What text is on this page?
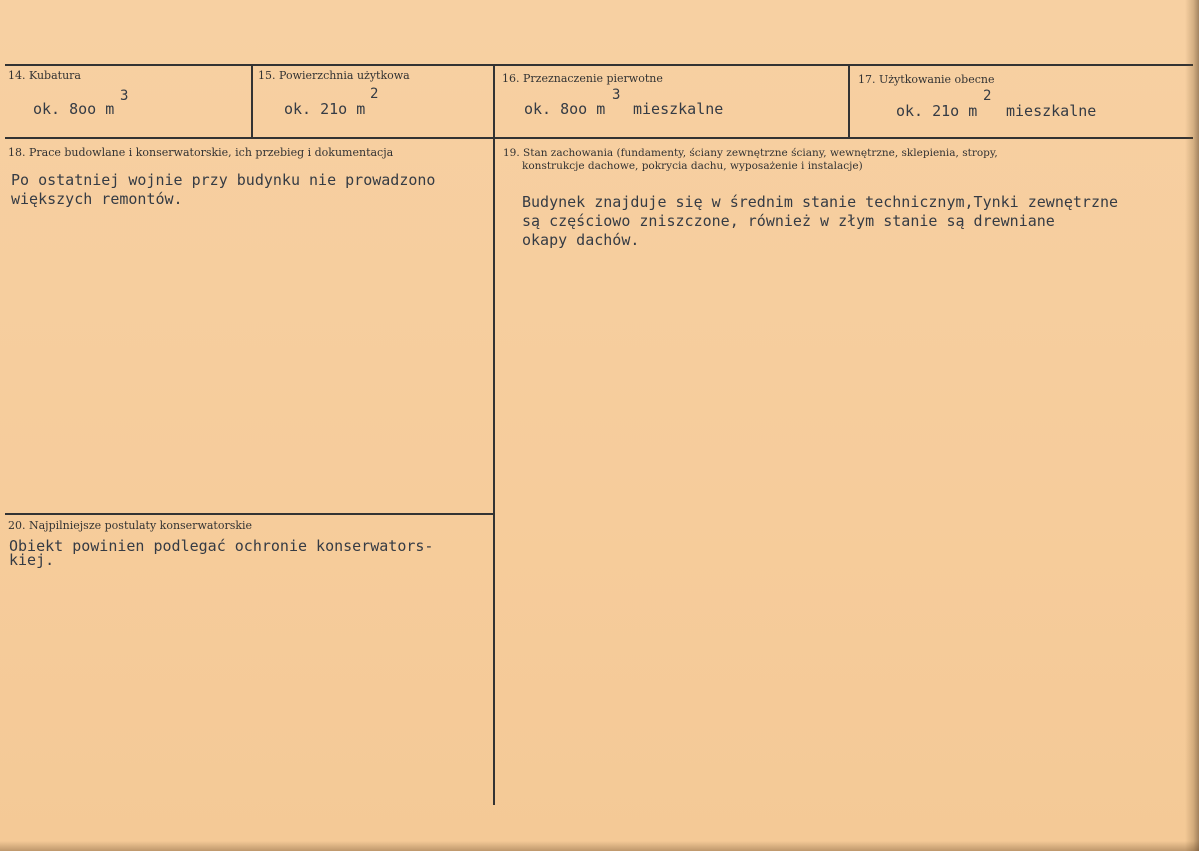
14. Kubatura
ok. 8oo m
3
15. Powierzchnia użytkowa
ok. 21o m
2
16. Przeznaczenie pierwotne
ok. 8oo m
3
mieszkalne
17. Użytkowanie obecne
ok. 21o m
2
mieszkalne
18. Prace budowlane i konserwatorskie, ich przebieg i dokumentacja
Po ostatniej wojnie przy budynku nie prowadzono
większych remontów.
19. Stan zachowania (fundamenty, ściany zewnętrzne ściany, wewnętrzne, sklepienia, stropy,
konstrukcje dachowe, pokrycia dachu, wyposażenie i instalacje)
Budynek znajduje się w średnim stanie technicznym,Tynki zewnętrzne
są częściowo zniszczone, również w złym stanie są drewniane
okapy dachów.
20. Najpilniejsze postulaty konserwatorskie
Obiekt powinien podlegać ochronie konserwators-
kiej.
